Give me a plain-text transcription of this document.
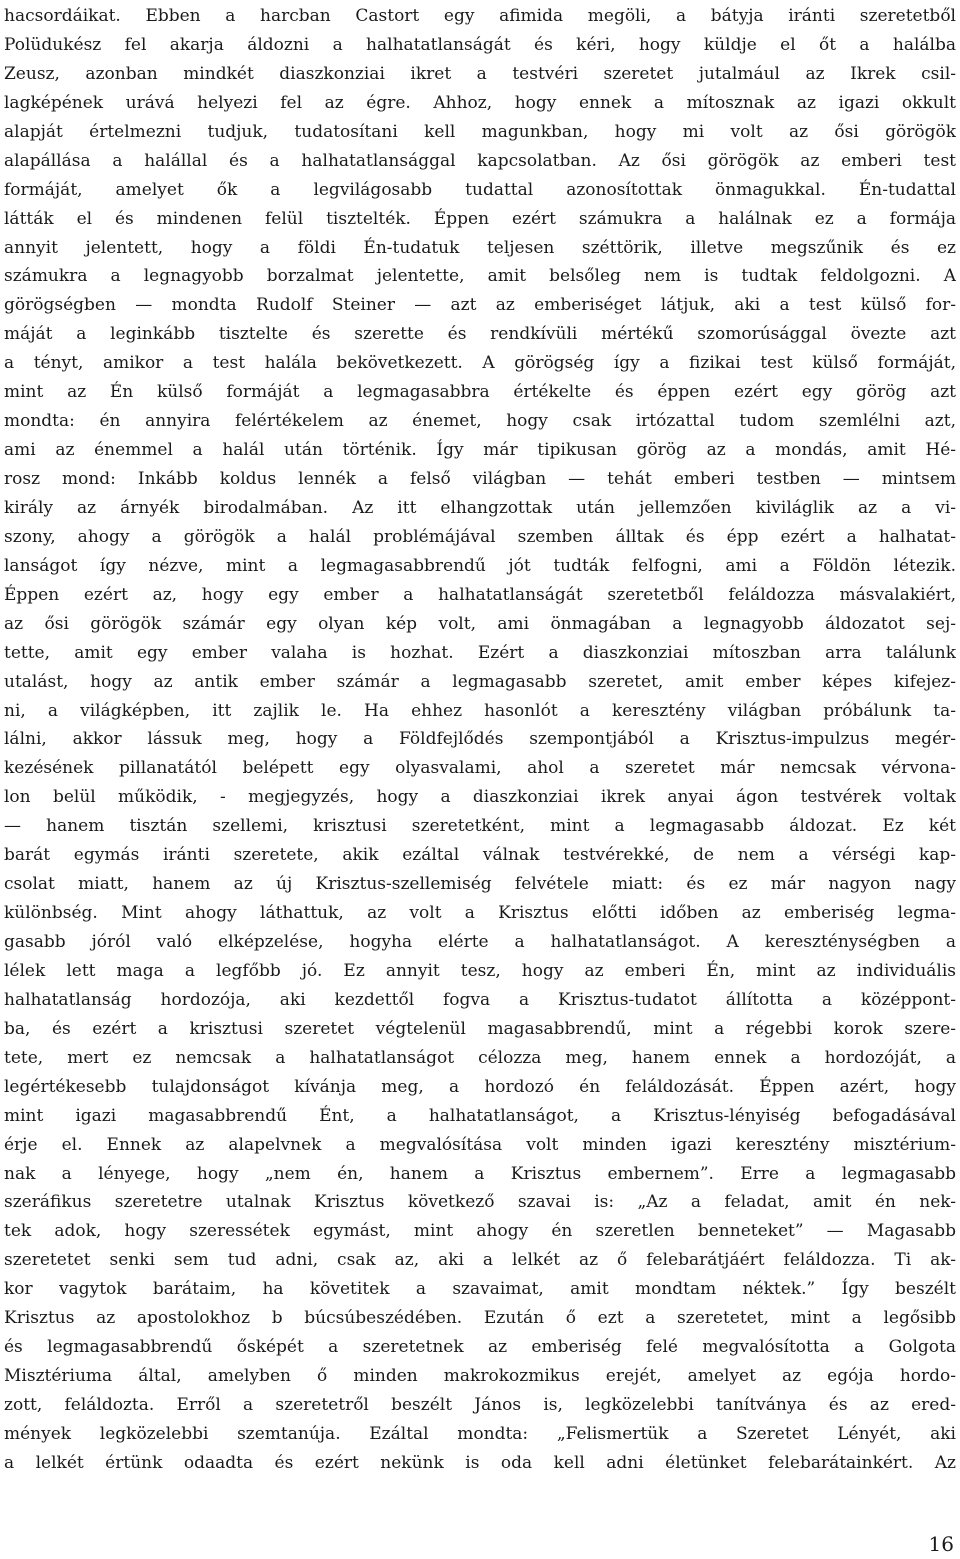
hacsordáikat. Ebben a harcban Castort egy afimida megöli, a bátyja iránti szeretetből
Polüdukész fel akarja áldozni a halhatatlanságát és kéri, hogy küldje el őt a halálba
Zeusz, azonban mindkét diaszkonziai ikret a testvéri szeretet jutalmául az Ikrek csil-
lagképének urává helyezi fel az égre. Ahhoz, hogy ennek a mítosznak az igazi okkult
alapját értelmezni tudjuk, tudatosítani kell magunkban, hogy mi volt az ősi görögök
alapállása a halállal és a halhatatlansággal kapcsolatban. Az ősi görögök az emberi test
formáját, amelyet ők a legvilágosabb tudattal azonosítottak önmagukkal. Én-tudattal
látták el és mindenen felül tisztelték. Éppen ezért számukra a halálnak ez a formája
annyit jelentett, hogy a földi Én-tudatuk teljesen széttörik, illetve megszűnik és ez
számukra a legnagyobb borzalmat jelentette, amit belsőleg nem is tudtak feldolgozni. A
görögségben — mondta Rudolf Steiner — azt az emberiséget látjuk, aki a test külső for-
máját a leginkább tisztelte és szerette és rendkívüli mértékű szomorúsággal övezte azt
a tényt, amikor a test halála bekövetkezett. A görögség így a fizikai test külső formáját,
mint az Én külső formáját a legmagasabbra értékelte és éppen ezért egy görög azt
mondta: én annyira felértékelem az énemet, hogy csak irtózattal tudom szemlélni azt,
ami az énemmel a halál után történik. Így már tipikusan görög az a mondás, amit Hé-
rosz mond: Inkább koldus lennék a felső világban — tehát emberi testben — mintsem
király az árnyék birodalmában. Az itt elhangzottak után jellemzően kiviláglik az a vi-
szony, ahogy a görögök a halál problémájával szemben álltak és épp ezért a halhatat-
lanságot így nézve, mint a legmagasabbrendű jót tudták felfogni, ami a Földön létezik.
Éppen ezért az, hogy egy ember a halhatatlanságát szeretetből feláldozza másvalakiért,
az ősi görögök számár egy olyan kép volt, ami önmagában a legnagyobb áldozatot sej-
tette, amit egy ember valaha is hozhat. Ezért a diaszkonziai mítoszban arra találunk
utalást, hogy az antik ember számár a legmagasabb szeretet, amit ember képes kifejez-
ni, a világképben, itt zajlik le. Ha ehhez hasonlót a keresztény világban próbálunk ta-
lálni, akkor lássuk meg, hogy a Földfejlődés szempontjából a Krisztus-impulzus megér-
kezésének pillanatától belépett egy olyasvalami, ahol a szeretet már nemcsak vérvona-
lon belül működik, - megjegyzés, hogy a diaszkonziai ikrek anyai ágon testvérek voltak
— hanem tisztán szellemi, krisztusi szeretetként, mint a legmagasabb áldozat. Ez két
barát egymás iránti szeretete, akik ezáltal válnak testvérekké, de nem a vérségi kap-
csolat miatt, hanem az új Krisztus-szellemiség felvétele miatt: és ez már nagyon nagy
különbség. Mint ahogy láthattuk, az volt a Krisztus előtti időben az emberiség legma-
gasabb jóról való elképzelése, hogyha elérte a halhatatlanságot. A kereszténységben a
lélek lett maga a legfőbb jó. Ez annyit tesz, hogy az emberi Én, mint az individuális
halhatatlanság hordozója, aki kezdettől fogva a Krisztus-tudatot állította a középpont-
ba, és ezért a krisztusi szeretet végtelenül magasabbrendű, mint a régebbi korok szere-
tete, mert ez nemcsak a halhatatlanságot célozza meg, hanem ennek a hordozóját, a
legértékesebb tulajdonságot kívánja meg, a hordozó én feláldozását. Éppen azért, hogy
mint igazi magasabbrendű Ént, a halhatatlanságot, a Krisztus-lényiség befogadásával
érje el. Ennek az alapelvnek a megvalósítása volt minden igazi keresztény misztérium-
nak a lényege, hogy „nem én, hanem a Krisztus embernem”. Erre a legmagasabb
szeráfikus szeretetre utalnak Krisztus következő szavai is: „Az a feladat, amit én nek-
tek adok, hogy szeressétek egymást, mint ahogy én szeretlen benneteket” — Magasabb
szeretetet senki sem tud adni, csak az, aki a lelkét az ő felebarátjáért feláldozza. Ti ak-
kor vagytok barátaim, ha követitek a szavaimat, amit mondtam néktek.” Így beszélt
Krisztus az apostolokhoz b búcsúbeszédében. Ezután ő ezt a szeretetet, mint a legősibb
és legmagasabbrendű ősképét a szeretetnek az emberiség felé megvalósította a Golgota
Misztériuma által, amelyben ő minden makrokozmikus erejét, amelyet az egója hordo-
zott, feláldozta. Erről a szeretetről beszélt János is, legközelebbi tanítványa és az ered-
mények legközelebbi szemtanúja. Ezáltal mondta: „Felismertük a Szeretet Lényét, aki
a lelkét értünk odaadta és ezért nekünk is oda kell adni életünket felebarátainkért. Az
16
